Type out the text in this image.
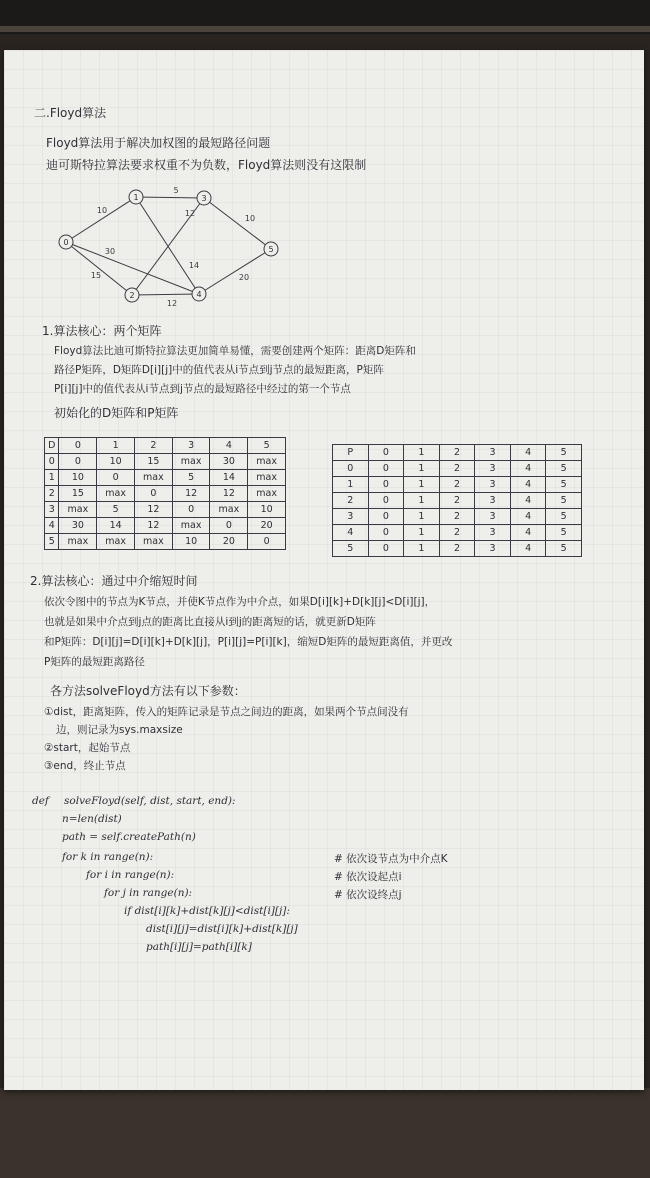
二.Floyd算法
Floyd算法用于解决加权图的最短路径问题
迪可斯特拉算法要求权重不为负数，Floyd算法则没有这限制
10
15
30
5
14
12
12
10
20
0
1
2
3
4
5
1.算法核心：两个矩阵
Floyd算法比迪可斯特拉算法更加简单易懂，需要创建两个矩阵：距离D矩阵和
路径P矩阵，D矩阵D[i][j]中的值代表从i节点到j节点的最短距离，P矩阵
P[i][j]中的值代表从i节点到j节点的最短路径中经过的第一个节点
初始化的D矩阵和P矩阵
D	0	1	2	3	4	5
0	0	10	15	max	30	max
1	10	0	max	5	14	max
2	15	max	0	12	12	max
3	max	5	12	0	max	10
4	30	14	12	max	0	20
5	max	max	max	10	20	0
P	0	1	2	3	4	5
0	0	1	2	3	4	5
1	0	1	2	3	4	5
2	0	1	2	3	4	5
3	0	1	2	3	4	5
4	0	1	2	3	4	5
5	0	1	2	3	4	5
2.算法核心：通过中介缩短时间
依次令图中的节点为K节点，并使K节点作为中介点，如果D[i][k]+D[k][j]<D[i][j]，
也就是如果中介点到j点的距离比直接从i到j的距离短的话，就更新D矩阵
和P矩阵：D[i][j]=D[i][k]+D[k][j]，P[i][j]=P[i][k]，缩短D矩阵的最短距离值，并更改
P矩阵的最短距离路径
各方法solveFloyd方法有以下参数：
①dist，距离矩阵，传入的矩阵记录是节点之间边的距离，如果两个节点间没有
边，则记录为sys.maxsize
②start，起始节点
③end，终止节点
def solveFloyd(self, dist, start, end):
n=len(dist)
path = self.createPath(n)
for k in range(n):
for i in range(n):
for j in range(n):
if dist[i][k]+dist[k][j]<dist[i][j]:
dist[i][j]=dist[i][k]+dist[k][j]
path[i][j]=path[i][k]
# 依次设节点为中介点K
# 依次设起点i
# 依次设终点j
